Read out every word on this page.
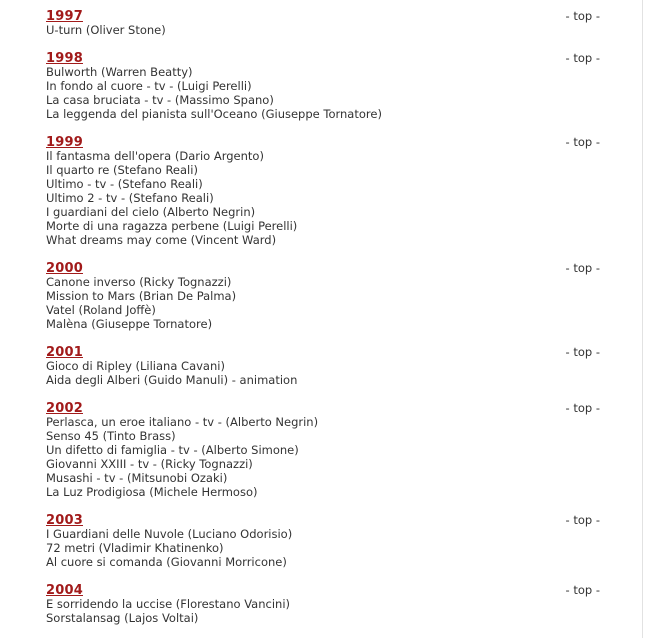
1997	- top -
U-turn (Oliver Stone)
1998	- top -
Bulworth (Warren Beatty)
In fondo al cuore - tv - (Luigi Perelli)
La casa bruciata - tv - (Massimo Spano)
La leggenda del pianista sull'Oceano (Giuseppe Tornatore)
1999	- top -
Il fantasma dell'opera (Dario Argento)
Il quarto re (Stefano Reali)
Ultimo - tv - (Stefano Reali)
Ultimo 2 - tv - (Stefano Reali)
I guardiani del cielo (Alberto Negrin)
Morte di una ragazza perbene (Luigi Perelli)
What dreams may come (Vincent Ward)
2000	- top -
Canone inverso (Ricky Tognazzi)
Mission to Mars (Brian De Palma)
Vatel (Roland Joffè)
Malèna (Giuseppe Tornatore)
2001	- top -
Gioco di Ripley (Liliana Cavani)
Aida degli Alberi (Guido Manuli) - animation
2002	- top -
Perlasca, un eroe italiano - tv - (Alberto Negrin)
Senso 45 (Tinto Brass)
Un difetto di famiglia - tv - (Alberto Simone)
Giovanni XXIII - tv - (Ricky Tognazzi)
Musashi - tv - (Mitsunobi Ozaki)
La Luz Prodigiosa (Michele Hermoso)
2003	- top -
I Guardiani delle Nuvole (Luciano Odorisio)
72 metri (Vladimir Khatinenko)
Al cuore si comanda (Giovanni Morricone)
2004	- top -
E sorridendo la uccise (Florestano Vancini)
Sorstalansag (Lajos Voltai)
